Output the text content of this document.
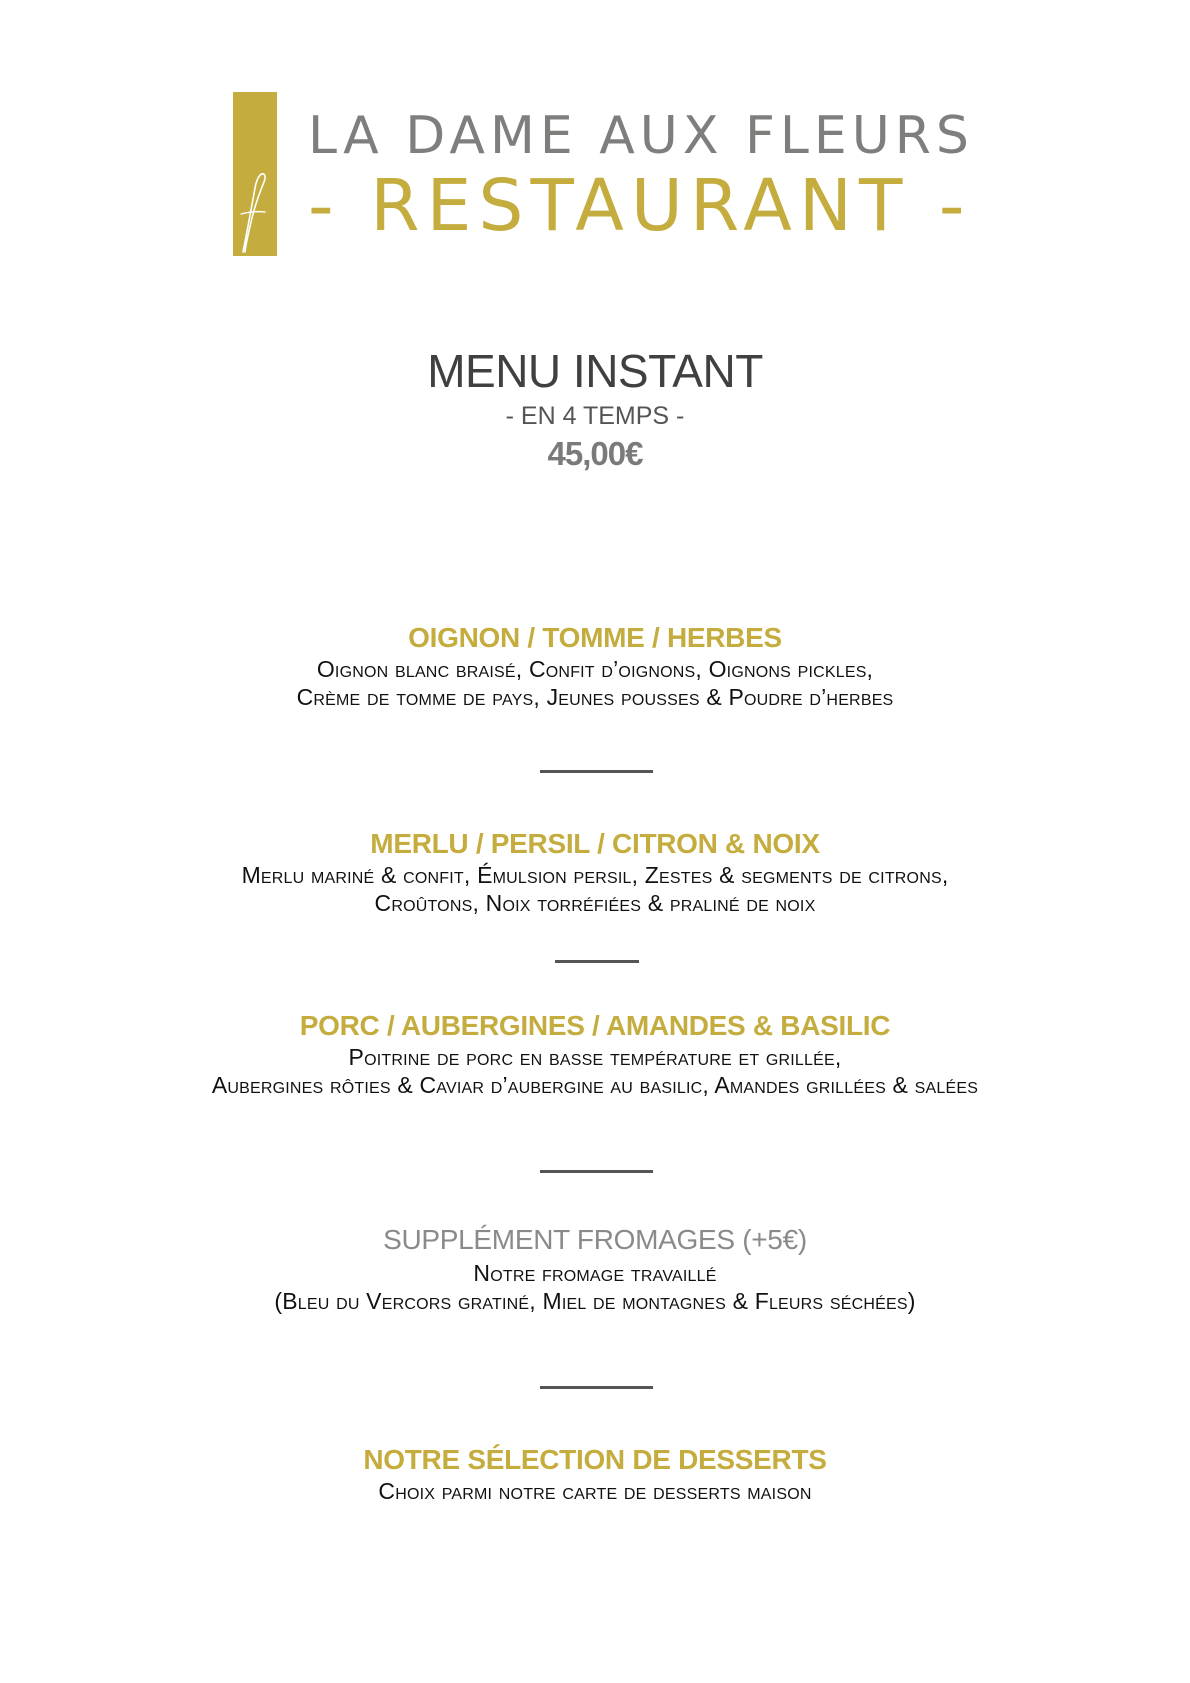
LA DAME AUX FLEURS
- RESTAURANT -
MENU INSTANT
- EN 4 TEMPS -
45,00€
OIGNON / TOMME / HERBES
Oignon blanc braisé, Confit d’oignons, Oignons pickles,
Crème de tomme de pays, Jeunes pousses & Poudre d’herbes
MERLU / PERSIL / CITRON & NOIX
Merlu mariné & confit, Émulsion persil, Zestes & segments de citrons,
Croûtons, Noix torréfiées & praliné de noix
PORC / AUBERGINES / AMANDES & BASILIC
Poitrine de porc en basse température et grillée,
Aubergines rôties & Caviar d’aubergine au basilic, Amandes grillées & salées
SUPPLÉMENT FROMAGES (+5€)
Notre fromage travaillé
(Bleu du Vercors gratiné, Miel de montagnes & Fleurs séchées)
NOTRE SÉLECTION DE DESSERTS
Choix parmi notre carte de desserts maison
